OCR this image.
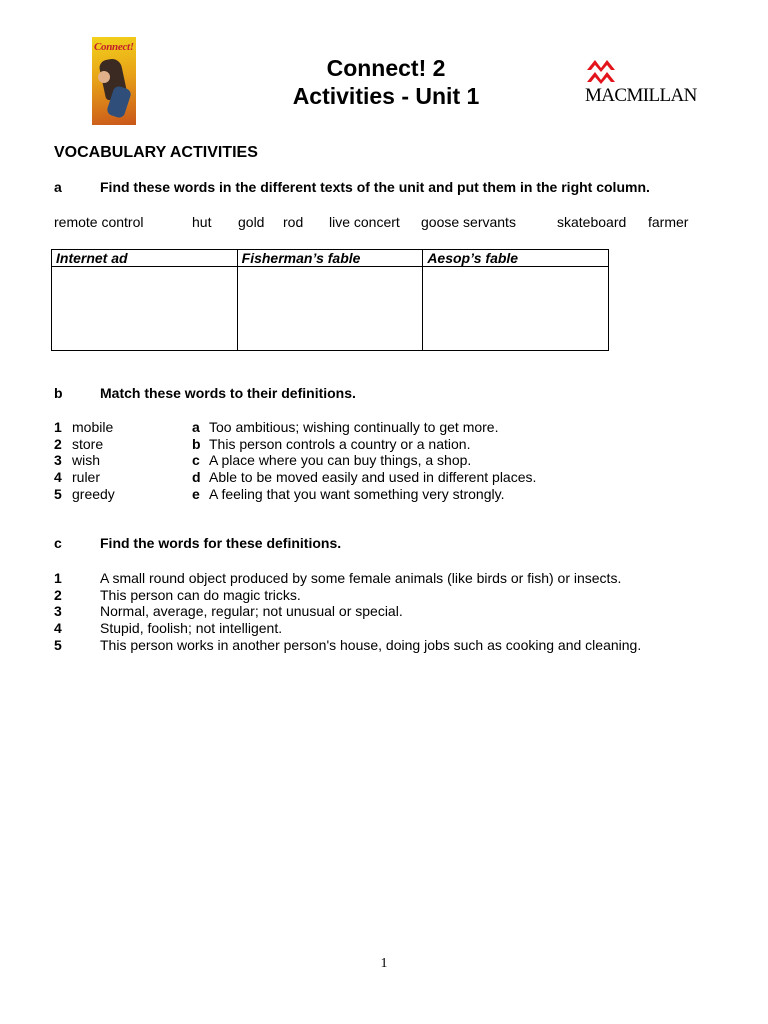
Connect!
Connect! 2
Activities - Unit 1	MACMILLAN
VOCABULARY ACTIVITIES
a	Find these words in the different texts of the unit and put them in the right column.
remote control	hut gold rod live concert goose servants	skateboard farmer
Internet ad	Fisherman’s fable	Aesop’s fable

b	Match these words to their definitions.
1 mobile	a Too ambitious; wishing continually to get more.
2 store	b This person controls a country or a nation.
3 wish	c A place where you can buy things, a shop.
4 ruler	d Able to be moved easily and used in different places.
5 greedy	e A feeling that you want something very strongly.
c	Find the words for these definitions.
1	A small round object produced by some female animals (like birds or fish) or insects.
2	This person can do magic tricks.
3	Normal, average, regular; not unusual or special.
4	Stupid, foolish; not intelligent.
5	This person works in another person's house, doing jobs such as cooking and cleaning.
1
